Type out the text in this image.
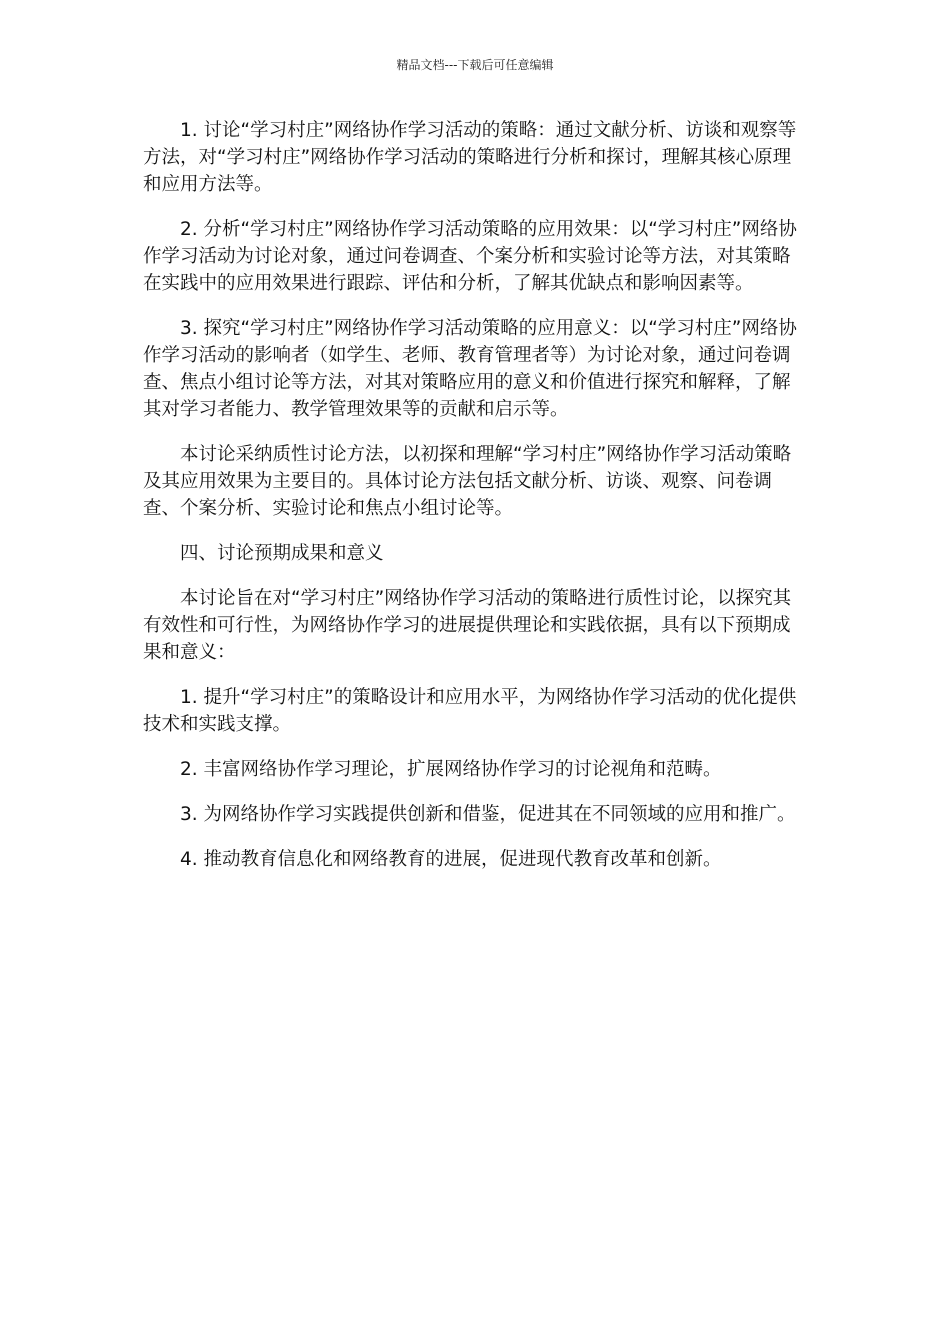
精品文档---下载后可任意编辑

1. 讨论“学习村庄”网络协作学习活动的策略：通过文献分析、访谈和观察等方法，对“学习村庄”网络协作学习活动的策略进行分析和探讨，理解其核心原理和应用方法等。

2. 分析“学习村庄”网络协作学习活动策略的应用效果：以“学习村庄”网络协作学习活动为讨论对象，通过问卷调查、个案分析和实验讨论等方法，对其策略在实践中的应用效果进行跟踪、评估和分析，了解其优缺点和影响因素等。

3. 探究“学习村庄”网络协作学习活动策略的应用意义：以“学习村庄”网络协作学习活动的影响者（如学生、老师、教育管理者等）为讨论对象，通过问卷调查、焦点小组讨论等方法，对其对策略应用的意义和价值进行探究和解释，了解其对学习者能力、教学管理效果等的贡献和启示等。

本讨论采纳质性讨论方法，以初探和理解“学习村庄”网络协作学习活动策略及其应用效果为主要目的。具体讨论方法包括文献分析、访谈、观察、问卷调查、个案分析、实验讨论和焦点小组讨论等。

四、讨论预期成果和意义

本讨论旨在对“学习村庄”网络协作学习活动的策略进行质性讨论，以探究其有效性和可行性，为网络协作学习的进展提供理论和实践依据，具有以下预期成果和意义：

1. 提升“学习村庄”的策略设计和应用水平，为网络协作学习活动的优化提供技术和实践支撑。

2. 丰富网络协作学习理论，扩展网络协作学习的讨论视角和范畴。

3. 为网络协作学习实践提供创新和借鉴，促进其在不同领域的应用和推广。

4. 推动教育信息化和网络教育的进展，促进现代教育改革和创新。
